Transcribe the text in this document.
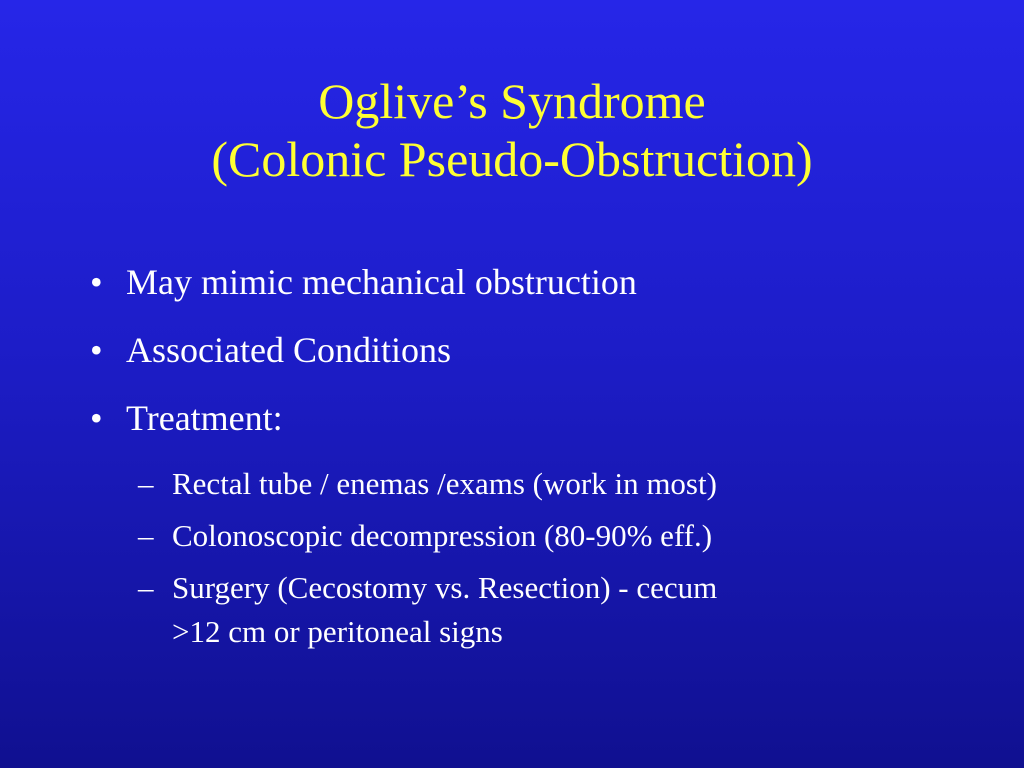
Oglive’s Syndrome
(Colonic Pseudo-Obstruction)
• May mimic mechanical obstruction
• Associated Conditions
• Treatment:
– Rectal tube / enemas /exams (work in most)
– Colonoscopic decompression (80-90% eff.)
– Surgery (Cecostomy vs. Resection) - cecum
>12 cm or peritoneal signs
